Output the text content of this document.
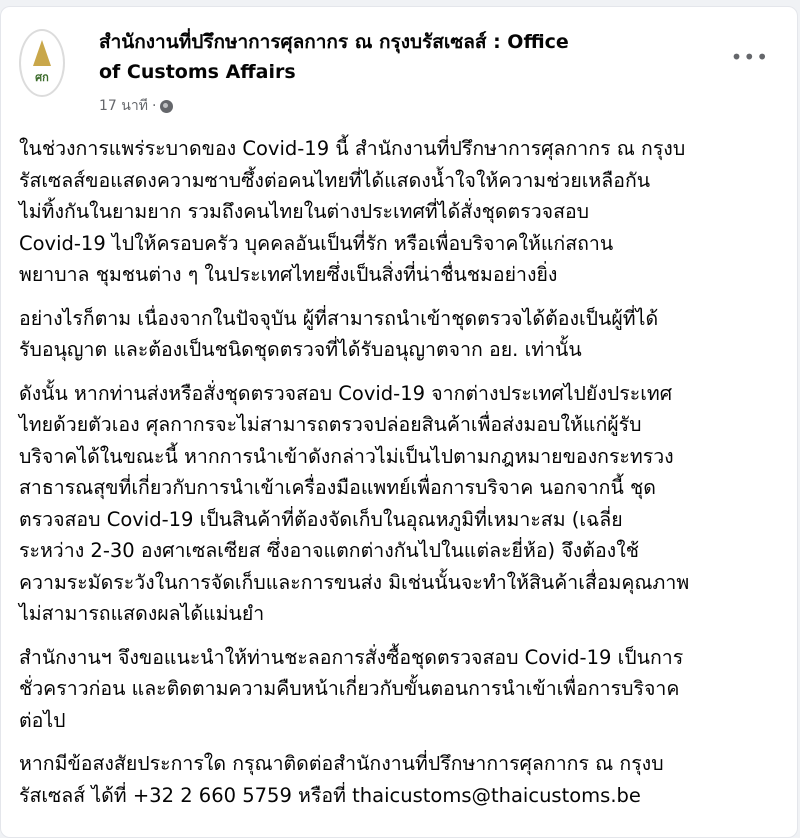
ศก
สำนักงานที่ปรึกษาการศุลกากร ณ กรุงบรัสเซลส์ : Office
of Customs Affairs
17 นาที ·
•••
ในช่วงการแพร่ระบาดของ Covid-19 นี้ สำนักงานที่ปรึกษาการศุลกากร ณ กรุงบ
รัสเซลส์ขอแสดงความซาบซึ้งต่อคนไทยที่ได้แสดงน้ำใจให้ความช่วยเหลือกัน
ไม่ทิ้งกันในยามยาก รวมถึงคนไทยในต่างประเทศที่ได้สั่งชุดตรวจสอบ
Covid-19 ไปให้ครอบครัว บุคคลอันเป็นที่รัก หรือเพื่อบริจาคให้แก่สถาน
พยาบาล ชุมชนต่าง ๆ ในประเทศไทยซึ่งเป็นสิ่งที่น่าชื่นชมอย่างยิ่ง
อย่างไรก็ตาม เนื่องจากในปัจจุบัน ผู้ที่สามารถนำเข้าชุดตรวจได้ต้องเป็นผู้ที่ได้
รับอนุญาต และต้องเป็นชนิดชุดตรวจที่ได้รับอนุญาตจาก อย. เท่านั้น
ดังนั้น หากท่านส่งหรือสั่งชุดตรวจสอบ Covid-19 จากต่างประเทศไปยังประเทศ
ไทยด้วยตัวเอง ศุลกากรจะไม่สามารถตรวจปล่อยสินค้าเพื่อส่งมอบให้แก่ผู้รับ
บริจาคได้ในขณะนี้ หากการนำเข้าดังกล่าวไม่เป็นไปตามกฎหมายของกระทรวง
สาธารณสุขที่เกี่ยวกับการนำเข้าเครื่องมือแพทย์เพื่อการบริจาค นอกจากนี้ ชุด
ตรวจสอบ Covid-19 เป็นสินค้าที่ต้องจัดเก็บในอุณหภูมิที่เหมาะสม (เฉลี่ย
ระหว่าง 2-30 องศาเซลเซียส ซึ่งอาจแตกต่างกันไปในแต่ละยี่ห้อ) จึงต้องใช้
ความระมัดระวังในการจัดเก็บและการขนส่ง มิเช่นนั้นจะทำให้สินค้าเสื่อมคุณภาพ
ไม่สามารถแสดงผลได้แม่นยำ
สำนักงานฯ จึงขอแนะนำให้ท่านชะลอการสั่งซื้อชุดตรวจสอบ Covid-19 เป็นการ
ชั่วคราวก่อน และติดตามความคืบหน้าเกี่ยวกับขั้นตอนการนำเข้าเพื่อการบริจาค
ต่อไป
หากมีข้อสงสัยประการใด กรุณาติดต่อสำนักงานที่ปรึกษาการศุลกากร ณ กรุงบ
รัสเซลส์ ได้ที่ +32 2 660 5759 หรือที่ thaicustoms@thaicustoms.be
